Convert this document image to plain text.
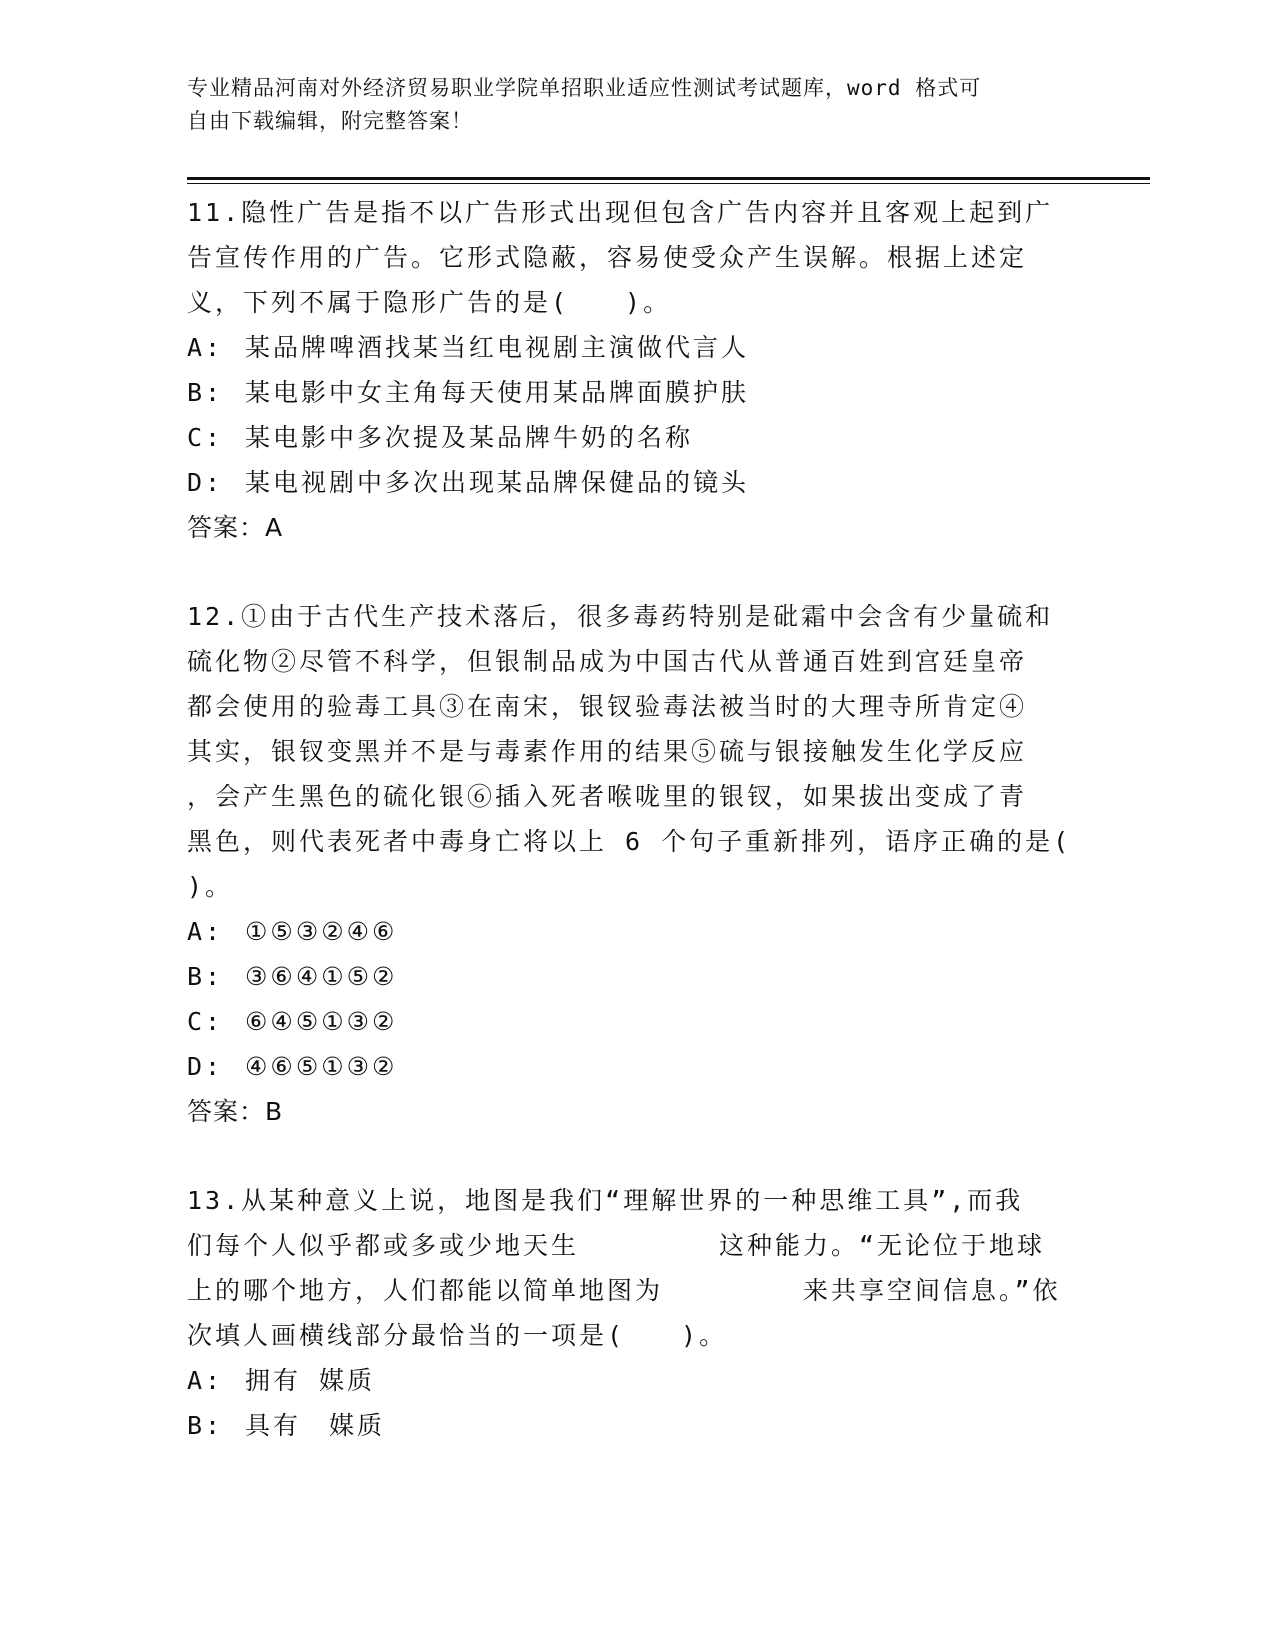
专业精品河南对外经济贸易职业学院单招职业适应性测试考试题库，word 格式可
自由下载编辑，附完整答案！

11.隐性广告是指不以广告形式出现但包含广告内容并且客观上起到广

告宣传作用的广告。它形式隐蔽，容易使受众产生误解。根据上述定

义，下列不属于隐形广告的是(　　)。

A: 某品牌啤酒找某当红电视剧主演做代言人

B: 某电影中女主角每天使用某品牌面膜护肤

C: 某电影中多次提及某品牌牛奶的名称

D: 某电视剧中多次出现某品牌保健品的镜头

答案：A

12.①由于古代生产技术落后，很多毒药特别是砒霜中会含有少量硫和

硫化物②尽管不科学，但银制品成为中国古代从普通百姓到宫廷皇帝

都会使用的验毒工具③在南宋，银钗验毒法被当时的大理寺所肯定④

其实，银钗变黑并不是与毒素作用的结果⑤硫与银接触发生化学反应

，会产生黑色的硫化银⑥插入死者喉咙里的银钗，如果拔出变成了青

黑色，则代表死者中毒身亡将以上 6 个句子重新排列，语序正确的是(

)。

A: ①⑤③②④⑥

B: ③⑥④①⑤②

C: ⑥④⑤①③②

D: ④⑥⑤①③②

答案：B

13.从某种意义上说，地图是我们“理解世界的一种思维工具”,而我

们每个人似乎都或多或少地天生　　　　　这种能力。“无论位于地球

上的哪个地方，人们都能以简单地图为　　　　　来共享空间信息。”依

次填人画横线部分最恰当的一项是(　　)。

A: 拥有 媒质

B: 具有　媒质
